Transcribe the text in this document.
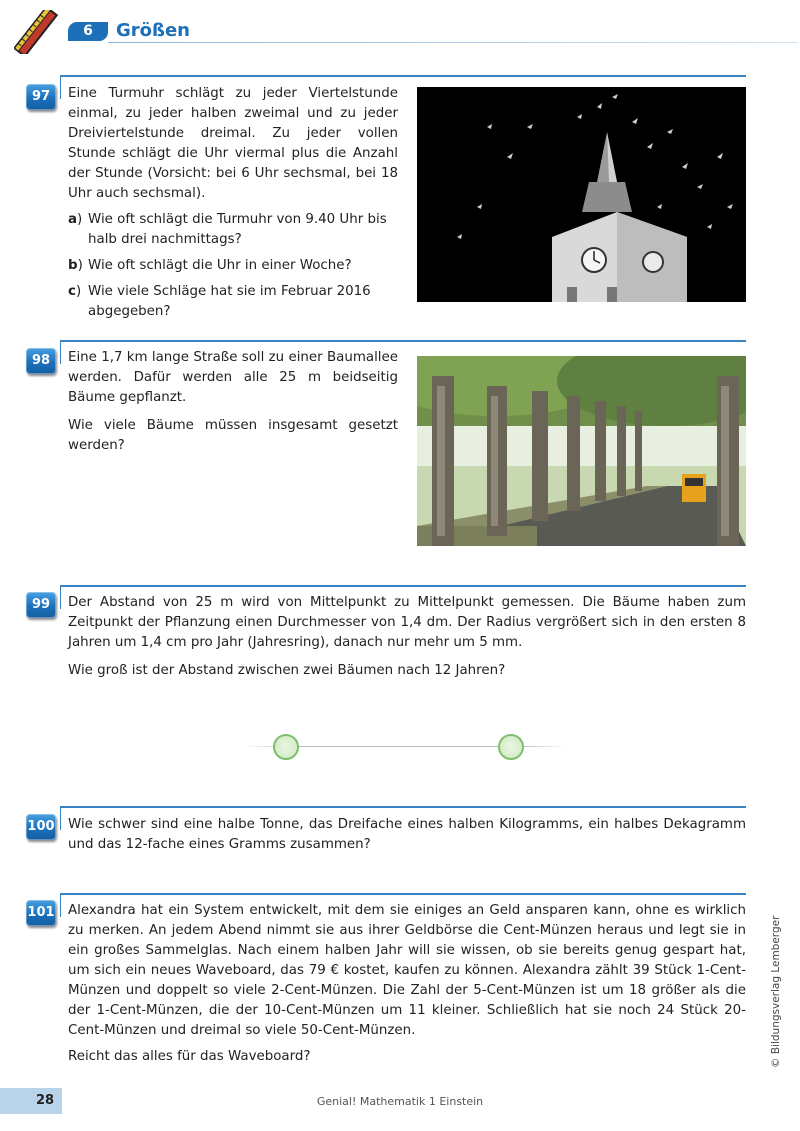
6	Größen
97	Eine Turmuhr schlägt zu jeder Viertelstunde einmal, zu jeder halben zweimal und zu jeder Dreiviertelstunde dreimal. Zu jeder vollen Stunde schlägt die Uhr viermal plus die Anzahl der Stunde (Vorsicht: bei 6 Uhr sechsmal, bei 18 Uhr auch sechsmal).

a) Wie oft schlägt die Turmuhr von 9.40 Uhr bis halb drei nachmittags?
b) Wie oft schlägt die Uhr in einer Woche?
c) Wie viele Schläge hat sie im Februar 2016 abgegeben?
98	Eine 1,7 km lange Straße soll zu einer Baumallee werden. Dafür werden alle 25 m beidseitig Bäume gepflanzt.

Wie viele Bäume müssen insgesamt gesetzt werden?

99	Der Abstand von 25 m wird von Mittelpunkt zu Mittelpunkt gemessen. Die Bäume haben zum Zeitpunkt der Pflanzung einen Durchmesser von 1,4 dm. Der Radius vergrößert sich in den ersten 8 Jahren um 1,4 cm pro Jahr (Jahresring), danach nur mehr um 5 mm.

Wie groß ist der Abstand zwischen zwei Bäumen nach 12 Jahren?

100 Wie schwer sind eine halbe Tonne, das Dreifache eines halben Kilogramms, ein halbes Dekagramm und das 12-fache eines Gramms zusammen?

101 Alexandra hat ein System entwickelt, mit dem sie einiges an Geld ansparen kann, ohne es wirklich zu merken. An jedem Abend nimmt sie aus ihrer Geldbörse die Cent-Münzen heraus und legt sie in ein großes Sammelglas. Nach einem halben Jahr will sie wissen, ob sie bereits genug gespart hat, um sich ein neues Waveboard, das 79 € kostet, kaufen zu können. Alexandra zählt 39 Stück 1-Cent-Münzen und doppelt so viele 2-Cent-Münzen. Die Zahl der 5-Cent-Münzen ist um 18 größer als die der 1-Cent-Münzen, die der 10-Cent-Münzen um 11 kleiner. Schließlich hat sie noch 24 Stück 20-Cent-Münzen und dreimal so viele 50-Cent-Münzen.

Reicht das alles für das Waveboard?	© Bildungsverlag Lemberger
28	Genial! Mathematik 1 Einstein
